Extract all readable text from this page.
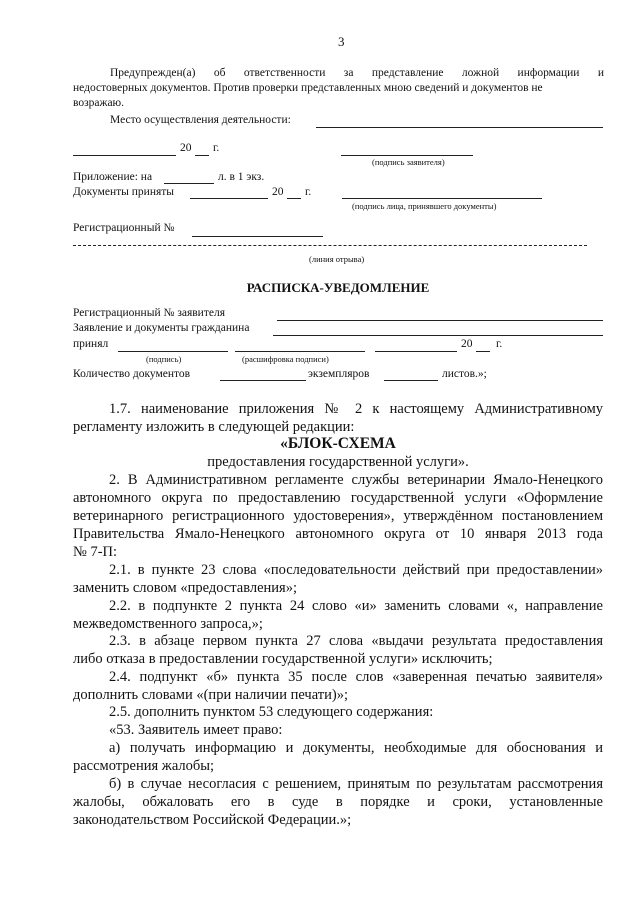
3
Предупрежден(а) об ответственности за представление ложной информации и
недостоверных документов. Против проверки представленных мною сведений и документов не
возражаю.
Место осуществления деятельности:
20 г.
(подпись заявителя)
Приложение: на	л. в 1 экз.
Документы приняты	20 г.
(подпись лица, принявшего документы)
Регистрационный №
(линия отрыва)
РАСПИСКА-УВЕДОМЛЕНИЕ
Регистрационный № заявителя
Заявление и документы гражданина
принял	20 г.
(подпись)	(расшифровка подписи)
Количество документов	экземпляров	листов.»;
1.7. наименование приложения № 2 к настоящему Административному
регламенту изложить в следующей редакции:
«БЛОК-СХЕМА
предоставления государственной услуги».
2. В Административном регламенте службы ветеринарии Ямало-Ненецкого
автономного округа по предоставлению государственной услуги «Оформление
ветеринарного регистрационного удостоверения», утверждённом постановлением
Правительства Ямало-Ненецкого автономного округа от 10 января 2013 года
№ 7-П:
2.1. в пункте 23 слова «последовательности действий при предоставлении»
заменить словом «предоставления»;
2.2. в подпункте 2 пункта 24 слово «и» заменить словами «, направление
межведомственного запроса,»;
2.3. в абзаце первом пункта 27 слова «выдачи результата предоставления
либо отказа в предоставлении государственной услуги» исключить;
2.4. подпункт «б» пункта 35 после слов «заверенная печатью заявителя»
дополнить словами «(при наличии печати)»;
2.5. дополнить пунктом 53 следующего содержания:
«53. Заявитель имеет право:
а) получать информацию и документы, необходимые для обоснования и
рассмотрения жалобы;
б) в случае несогласия с решением, принятым по результатам рассмотрения
жалобы, обжаловать его в суде в порядке и сроки, установленные
законодательством Российской Федерации.»;
